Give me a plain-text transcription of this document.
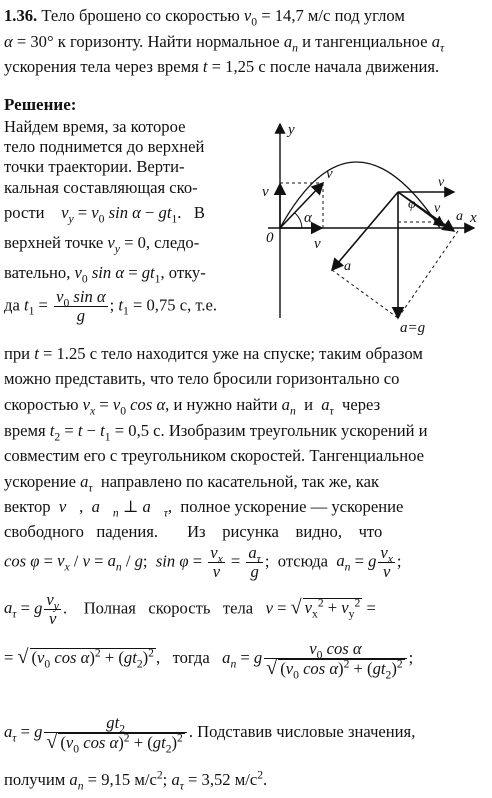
1.36. Тело брошено со скоростью $v_0 = 14,7$ м/с под углом
α = 30° к горизонту. Найти нормальное $a_n$ и тангенциальное $a_\tau$
ускорения тела через время t = 1,25 с после начала движения.
Решение:
Найдем время, за которое
тело поднимется до верхней
точки траектории. Верти-
кальная составляющая ско-
рости $v_y = v_0$ $\sin \alpha - gt_1$.   В
верхней точке $v_y = 0$, следо-
вательно, $v_0$ $\sin \alpha = gt_1$, отку-
да $t_1 = \frac{v_0 \sin \alpha}{g}$ ; $t_1 = 0,75$ с, т.е.
при t = 1.25 с тело находится уже на спуске; таким образом
можно представить, что тело бросили горизонтально со
скоростью $v_x = v_0$ cos α, и нужно найти $a_n$ и $a_\tau$ через
время $t_2 = t - t_1 = 0,5$ с. Изобразим треугольник ускорений и
совместим его с треугольником скоростей. Тангенциальное
ускорение $a_\tau$ направлено по касательной, так же, как
вектор v⃗,  $a⃗_n$ ⊥ $a⃗_\tau$,  полное ускорение — ускорение
свободного падения. Из рисунка видно, что
$\cos \varphi = v_x / v = a_n / g$;  $\sin \varphi = \frac{v_x}{v} = \frac{a_\tau}{g}$ ;  отсюда $a_n = g \frac{v_x}{v}$ ;
$a_\tau = g \frac{v_y}{v}$ .    Полная скорость тела v = √ $v_x^2 + v_y^2$ =
= √ ($v_0$ $\cos \alpha)^2 + (gt_2)^2$ ,   тогда $a_n = g \frac{v_0 \cos \alpha}{√ (v_0 \cos \alpha)^2 + (gt_2)^2}$ ;
$a_\tau = g \frac{gt_2}{√ (v_0 \cos \alpha)^2 + (gt_2)^2}$ . Подставив числовые значения,
получим $a_n = 9,15$ $м/с^2$; $a_\tau = 3,52$ $м/с^2$.
y
x
0
α
v
v
v
φ
v
v
a
a
a=g
